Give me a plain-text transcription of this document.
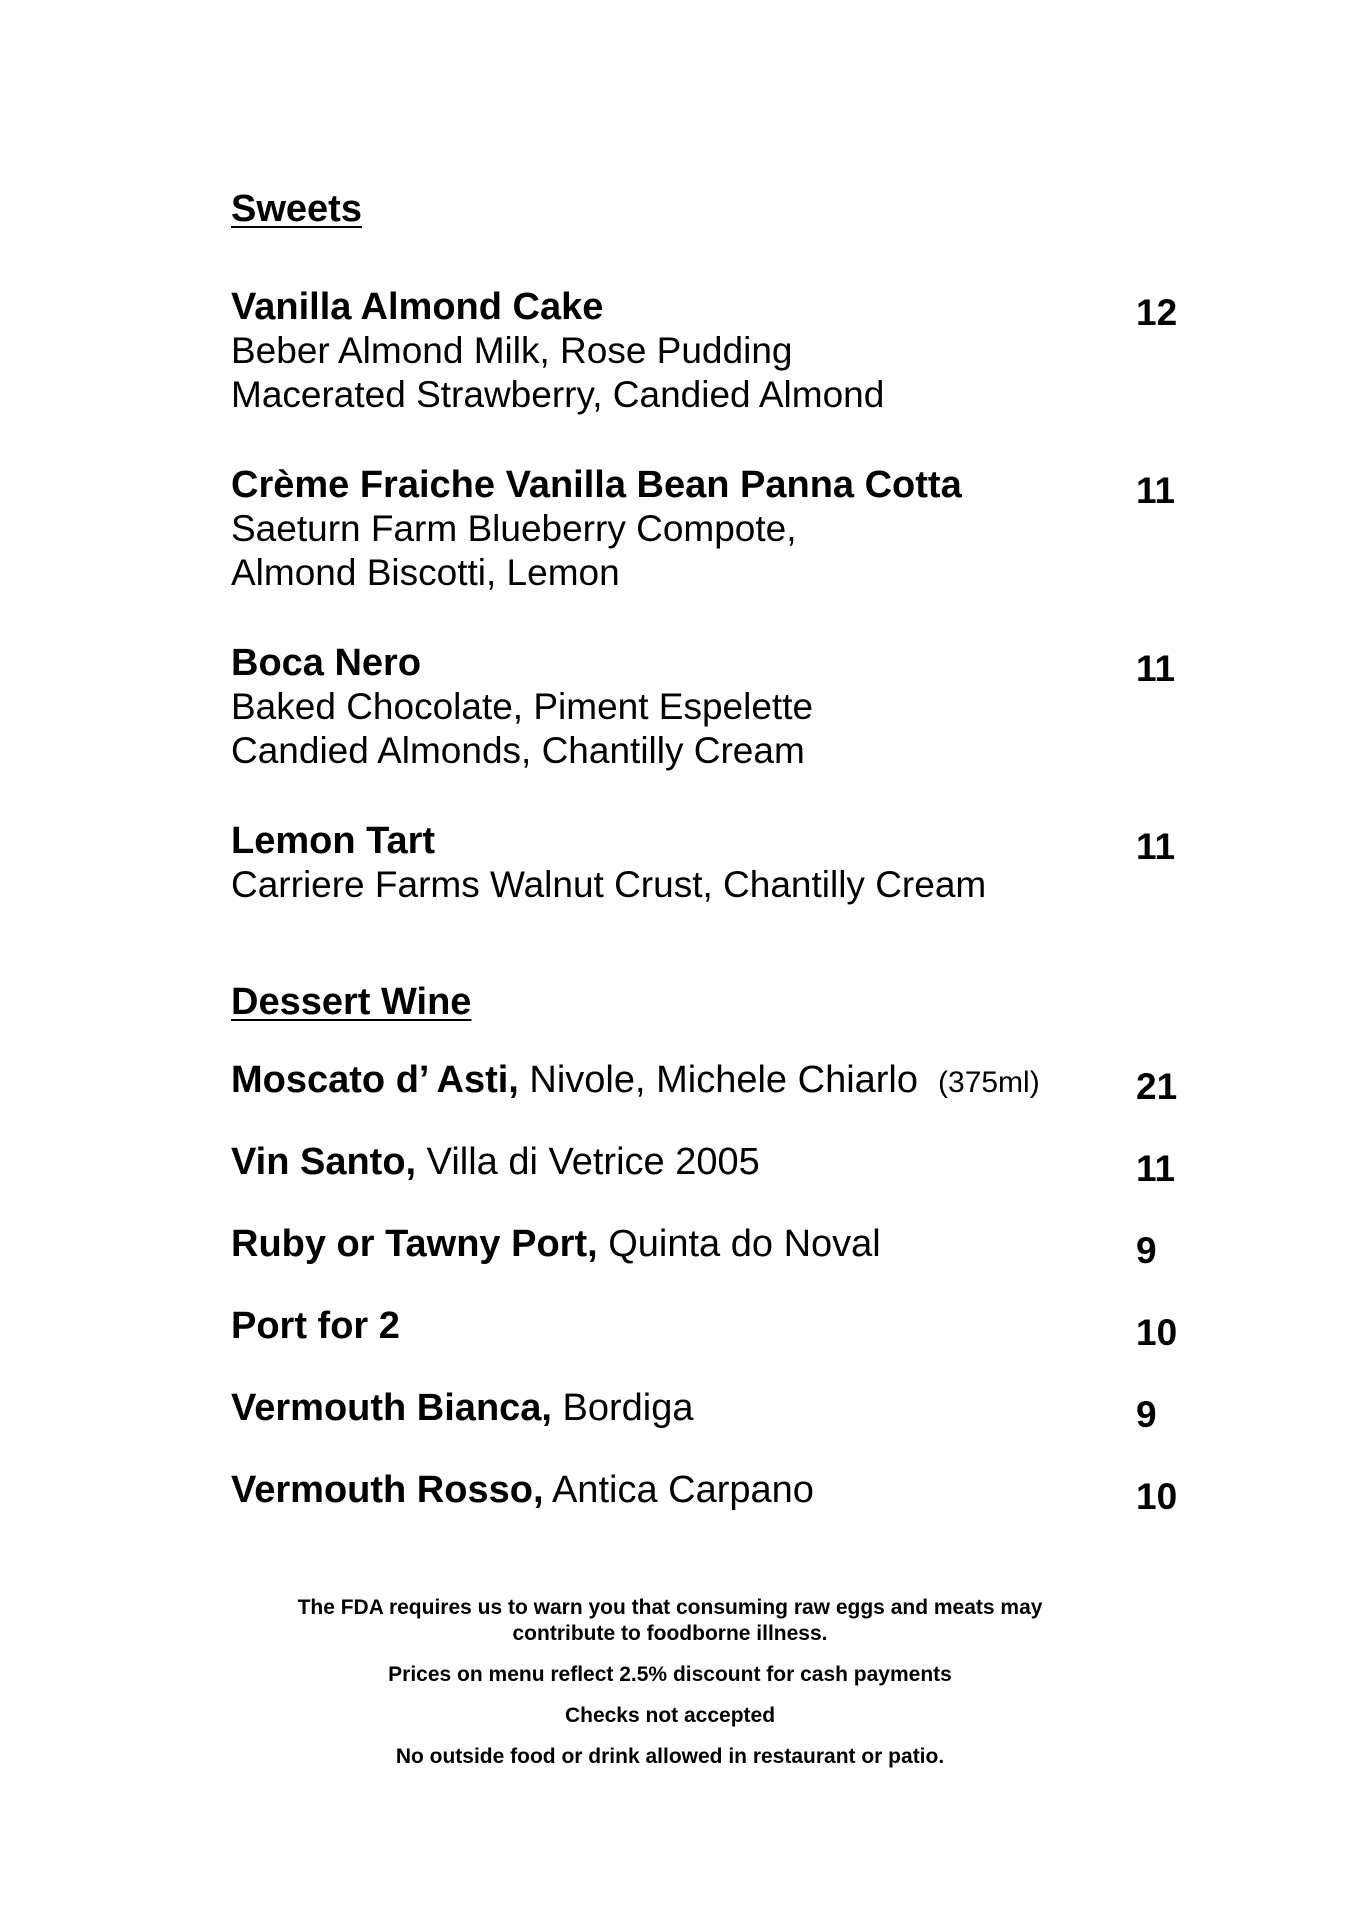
Sweets
Vanilla Almond Cake
Beber Almond Milk, Rose Pudding
Macerated Strawberry, Candied Almond
12
Crème Fraiche Vanilla Bean Panna Cotta
Saeturn Farm Blueberry Compote,
Almond Biscotti, Lemon
11
Boca Nero
Baked Chocolate, Piment Espelette
Candied Almonds, Chantilly Cream
11
Lemon Tart
Carriere Farms Walnut Crust, Chantilly Cream
11
Dessert Wine
Moscato d’ Asti, Nivole, Michele Chiarlo (375ml)	21
Vin Santo, Villa di Vetrice 2005	11
Ruby or Tawny Port, Quinta do Noval	9
Port for 2	10
Vermouth Bianca, Bordiga	9
Vermouth Rosso, Antica Carpano	10
The FDA requires us to warn you that consuming raw eggs and meats may contribute to foodborne illness.
Prices on menu reflect 2.5% discount for cash payments
Checks not accepted
No outside food or drink allowed in restaurant or patio.
